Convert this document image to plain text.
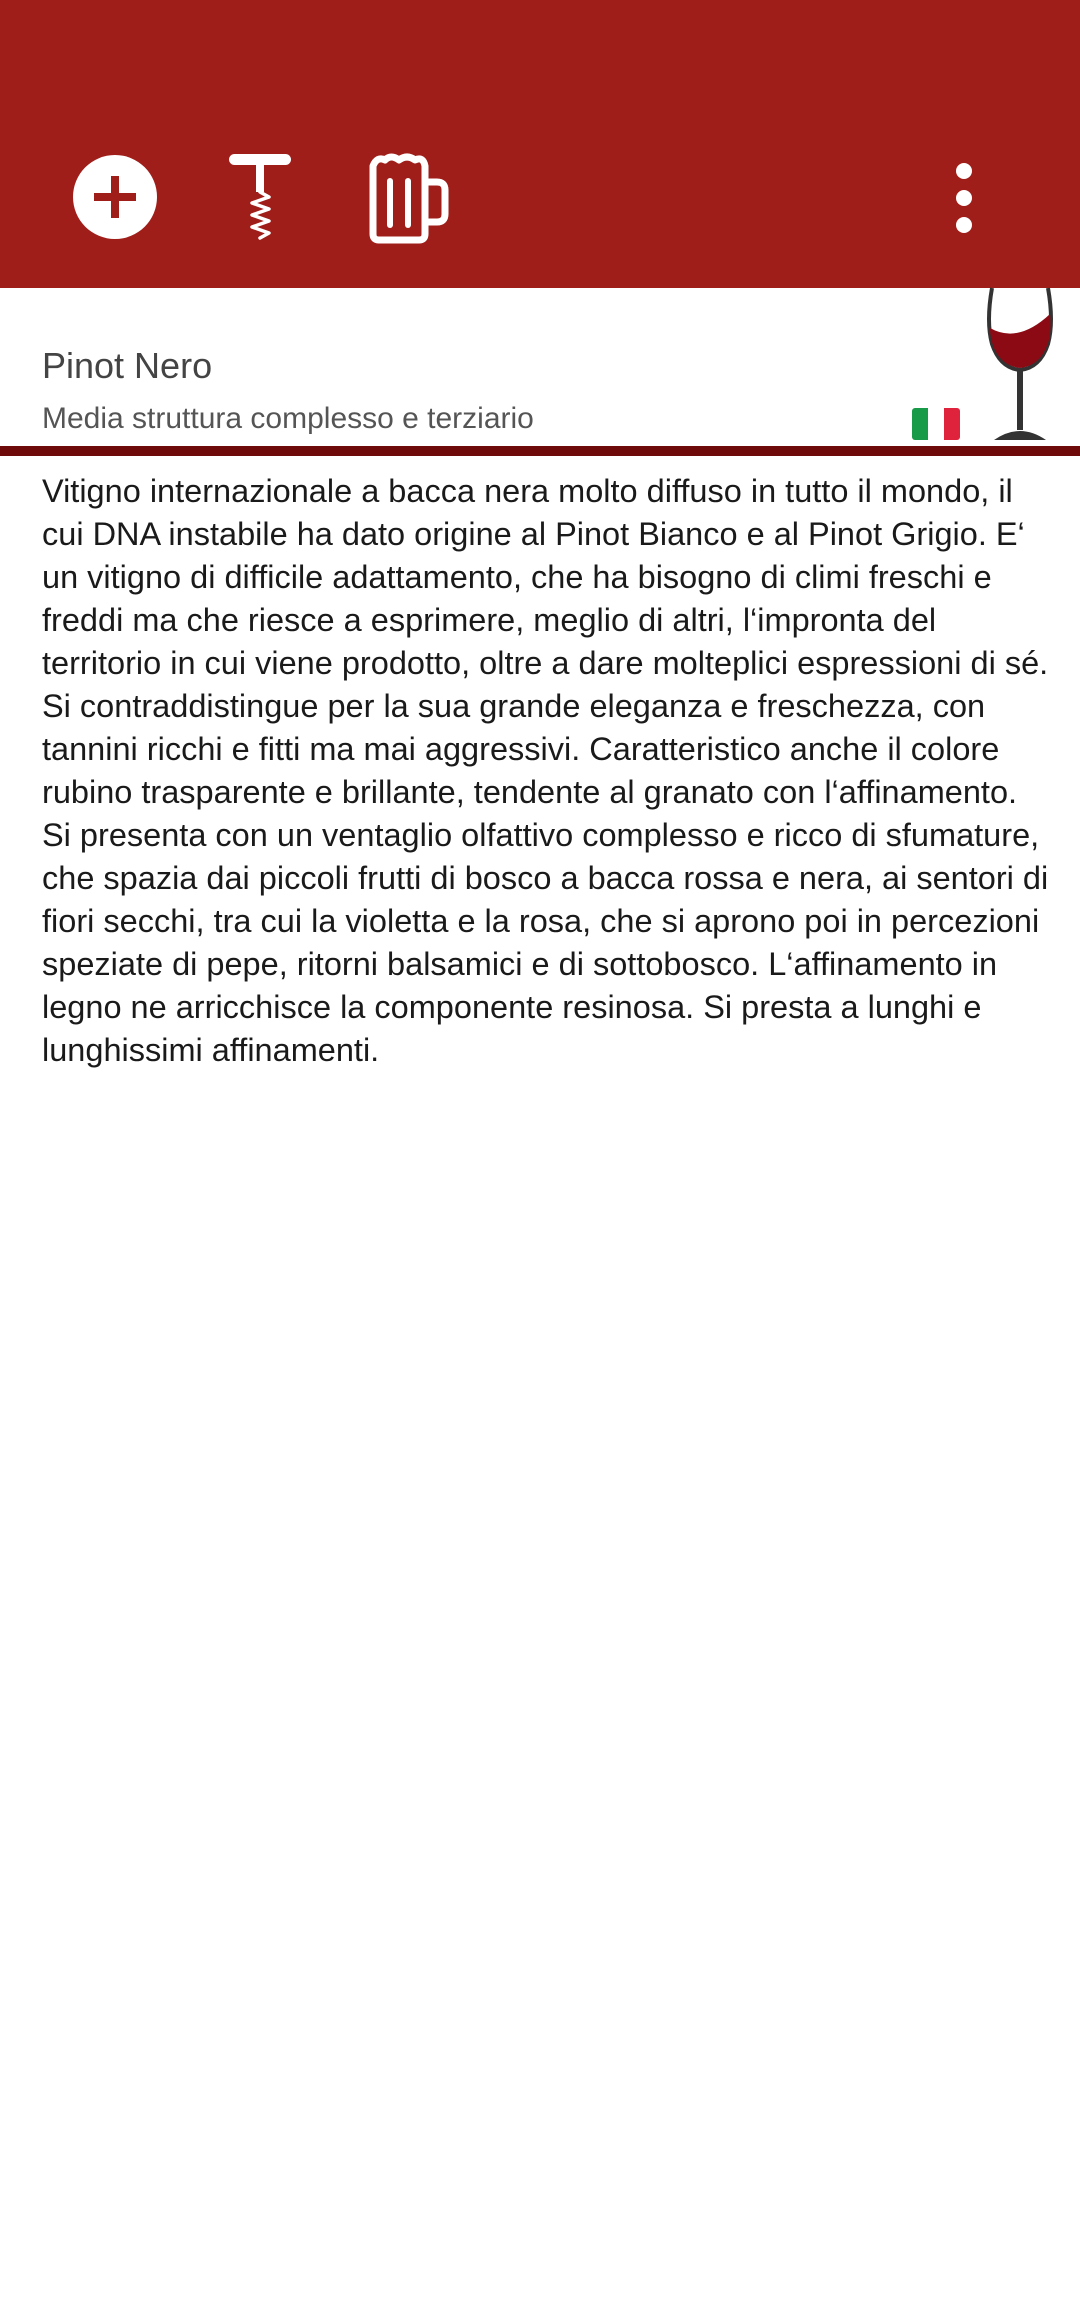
Pinot Nero
Media struttura complesso e terziario

Vitigno internazionale a bacca nera molto diffuso in tutto il mondo, il cui DNA instabile ha dato origine al Pinot Bianco e al Pinot Grigio. E‘ un vitigno di difficile adattamento, che ha bisogno di climi freschi e freddi ma che riesce a esprimere, meglio di altri, l‘impronta del territorio in cui viene prodotto, oltre a dare molteplici espressioni di sé. Si contraddistingue per la sua grande eleganza e freschezza, con tannini ricchi e fitti ma mai aggressivi. Caratteristico anche il colore rubino trasparente e brillante, tendente al granato con l‘affinamento. Si presenta con un ventaglio olfattivo complesso e ricco di sfumature, che spazia dai piccoli frutti di bosco a bacca rossa e nera, ai sentori di fiori secchi, tra cui la violetta e la rosa, che si aprono poi in percezioni speziate di pepe, ritorni balsamici e di sottobosco. L‘affinamento in legno ne arricchisce la componente resinosa. Si presta a lunghi e lunghissimi affinamenti.
